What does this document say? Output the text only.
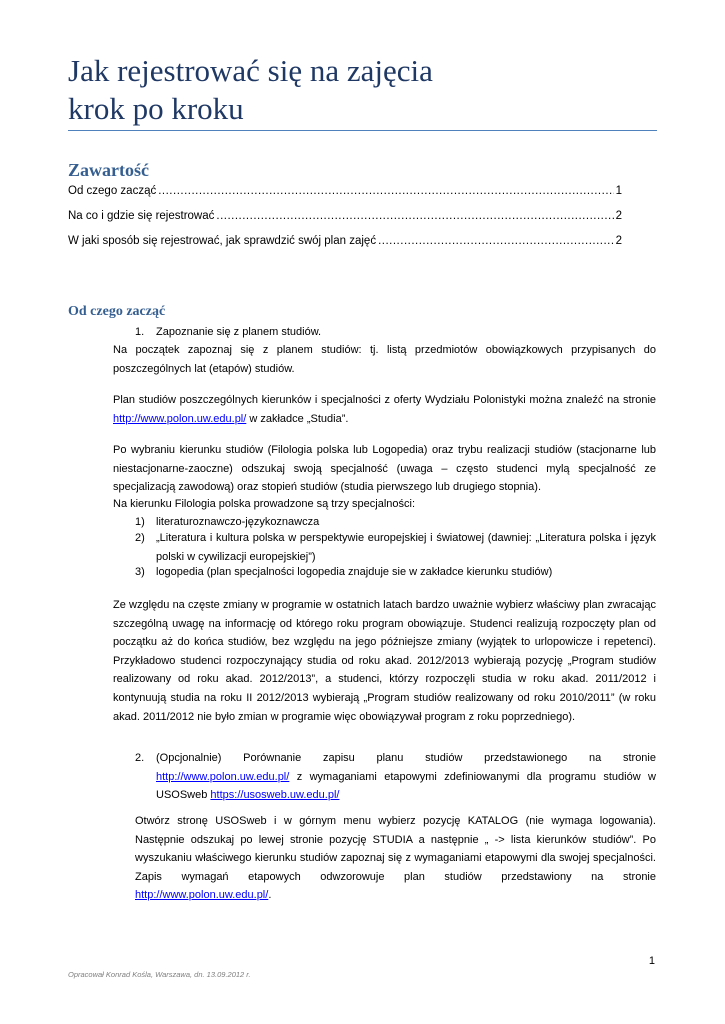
Jak rejestrować się na zajęcia
krok po kroku
Zawartość
Od czego zacząć .....	1
Na co i gdzie się rejestrować .....	2
W jaki sposób się rejestrować, jak sprawdzić swój plan zajęć .....	2
Od czego zacząć
1. Zapoznanie się z planem studiów.
Na początek zapoznaj się z planem studiów: tj. listą przedmiotów obowiązkowych przypisanych do poszczególnych lat (etapów) studiów.
Plan studiów poszczególnych kierunków i specjalności z oferty Wydziału Polonistyki można znaleźć na stronie http://www.polon.uw.edu.pl/ w zakładce „Studia”.
Po wybraniu kierunku studiów (Filologia polska lub Logopedia) oraz trybu realizacji studiów (stacjonarne lub niestacjonarne-zaoczne) odszukaj swoją specjalność (uwaga – często studenci mylą specjalność ze specjalizacją zawodową) oraz stopień studiów (studia pierwszego lub drugiego stopnia).
Na kierunku Filologia polska prowadzone są trzy specjalności:
1) literaturoznawczo-językoznawcza
2) „Literatura i kultura polska w perspektywie europejskiej i światowej (dawniej: „Literatura polska i język polski w cywilizacji europejskiej”)
3) logopedia (plan specjalności logopedia znajduje sie w zakładce kierunku studiów)
Ze względu na częste zmiany w programie w ostatnich latach bardzo uważnie wybierz właściwy plan zwracając szczególną uwagę na informację od którego roku program obowiązuje. Studenci realizują rozpoczęty plan od początku aż do końca studiów, bez względu na jego późniejsze zmiany (wyjątek to urlopowicze i repetenci). Przykładowo studenci rozpoczynający studia od roku akad. 2012/2013 wybierają pozycję „Program studiów realizowany od roku akad. 2012/2013”, a studenci, którzy rozpoczęli studia w roku akad. 2011/2012 i kontynuują studia na roku II 2012/2013 wybierają „Program studiów realizowany od roku 2010/2011” (w roku akad. 2011/2012 nie było zmian w programie więc obowiązywał program z roku poprzedniego).
2. (Opcjonalnie) Porównanie zapisu planu studiów przedstawionego na stronie http://www.polon.uw.edu.pl/ z wymaganiami etapowymi zdefiniowanymi dla programu studiów w USOSweb https://usosweb.uw.edu.pl/
Otwórz stronę USOSweb i w górnym menu wybierz pozycję KATALOG (nie wymaga logowania). Następnie odszukaj po lewej stronie pozycję STUDIA a następnie „ -> lista kierunków studiów”. Po wyszukaniu właściwego kierunku studiów zapoznaj się z wymaganiami etapowymi dla swojej specjalności. Zapis wymagań etapowych odwzorowuje plan studiów przedstawiony na stronie http://www.polon.uw.edu.pl/.
1
Opracował Konrad Kośla, Warszawa, dn. 13.09.2012 r.
